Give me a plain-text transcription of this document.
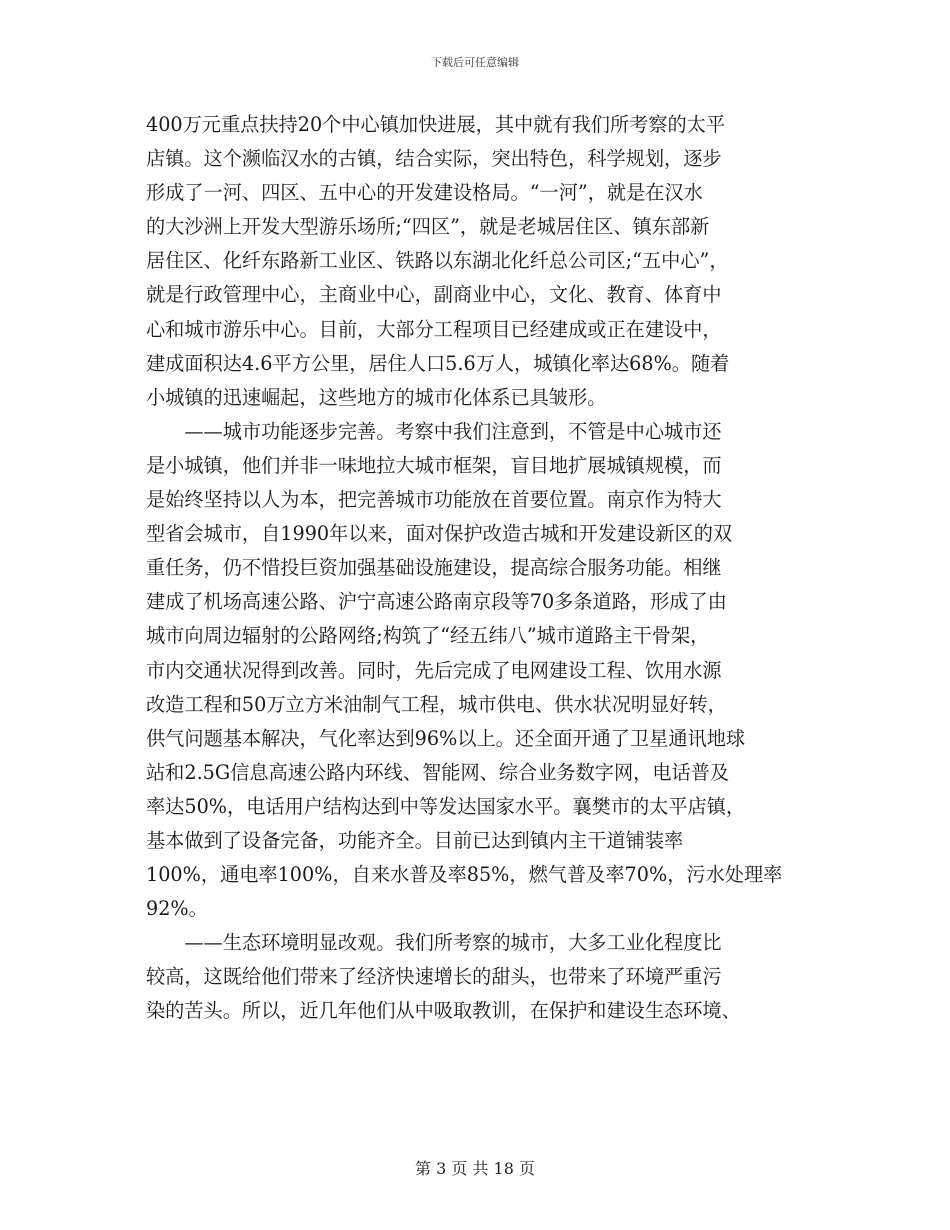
下载后可任意编辑
400万元重点扶持20个中心镇加快进展，其中就有我们所考察的太平
店镇。这个濒临汉水的古镇，结合实际，突出特色，科学规划，逐步
形成了一河、四区、五中心的开发建设格局。“一河”，就是在汉水
的大沙洲上开发大型游乐场所;“四区”，就是老城居住区、镇东部新
居住区、化纤东路新工业区、铁路以东湖北化纤总公司区;“五中心”，
就是行政管理中心，主商业中心，副商业中心，文化、教育、体育中
心和城市游乐中心。目前，大部分工程项目已经建成或正在建设中，
建成面积达4.6平方公里，居住人口5.6万人，城镇化率达68%。随着
小城镇的迅速崛起，这些地方的城市化体系已具皱形。
　　——城市功能逐步完善。考察中我们注意到，不管是中心城市还
是小城镇，他们并非一味地拉大城市框架，盲目地扩展城镇规模，而
是始终坚持以人为本，把完善城市功能放在首要位置。南京作为特大
型省会城市，自1990年以来，面对保护改造古城和开发建设新区的双
重任务，仍不惜投巨资加强基础设施建设，提高综合服务功能。相继
建成了机场高速公路、沪宁高速公路南京段等70多条道路，形成了由
城市向周边辐射的公路网络;构筑了“经五纬八”城市道路主干骨架，
市内交通状况得到改善。同时，先后完成了电网建设工程、饮用水源
改造工程和50万立方米油制气工程，城市供电、供水状况明显好转，
供气问题基本解决，气化率达到96%以上。还全面开通了卫星通讯地球
站和2.5G信息高速公路内环线、智能网、综合业务数字网，电话普及
率达50%，电话用户结构达到中等发达国家水平。襄樊市的太平店镇，
基本做到了设备完备，功能齐全。目前已达到镇内主干道铺装率
100%，通电率100%，自来水普及率85%，燃气普及率70%，污水处理率
92%。
　　——生态环境明显改观。我们所考察的城市，大多工业化程度比
较高，这既给他们带来了经济快速增长的甜头，也带来了环境严重污
染的苦头。所以，近几年他们从中吸取教训，在保护和建设生态环境、
第 3 页 共 18 页
